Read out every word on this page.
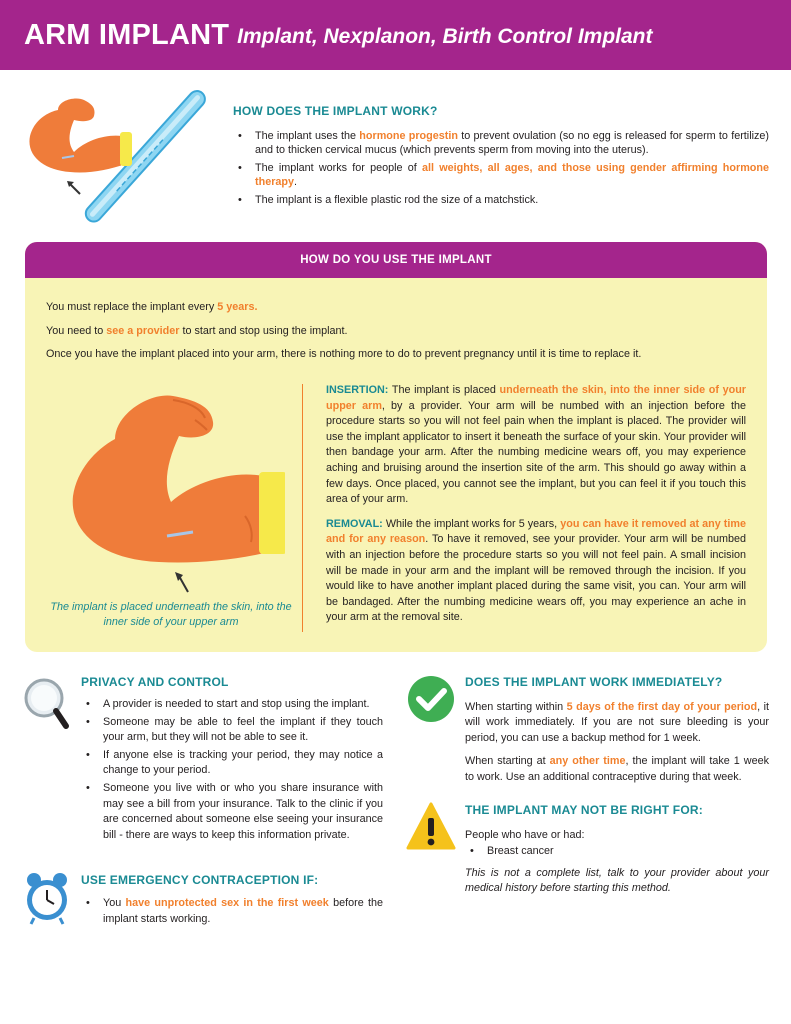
ARM IMPLANT Implant, Nexplanon, Birth Control Implant
HOW DOES THE IMPLANT WORK?
• The implant uses the hormone progestin to prevent ovulation (so no egg is released for sperm to fertilize) and to thicken cervical mucus (which prevents sperm from moving into the uterus).
• The implant works for people of all weights, all ages, and those using gender affirming hormone therapy.
• The implant is a flexible plastic rod the size of a matchstick.
HOW DO YOU USE THE IMPLANT

You must replace the implant every 5 years.

You need to see a provider to start and stop using the implant.

Once you have the implant placed into your arm, there is nothing more to do to prevent pregnancy until it is time to replace it.

The implant is placed underneath the skin, into the inner side of your upper arm

INSERTION: The implant is placed underneath the skin, into the inner side of your upper arm, by a provider. Your arm will be numbed with an injection before the procedure starts so you will not feel pain when the implant is placed. The provider will use the implant applicator to insert it beneath the surface of your skin. Your provider will then bandage your arm. After the numbing medicine wears off, you may experience aching and bruising around the insertion site of the arm. This should go away within a few days. Once placed, you cannot see the implant, but you can feel it if you touch this area of your arm.

REMOVAL: While the implant works for 5 years, you can have it removed at any time and for any reason. To have it removed, see your provider. Your arm will be numbed with an injection before the procedure starts so you will not feel pain. A small incision will be made in your arm and the implant will be removed through the incision. If you would like to have another implant placed during the same visit, you can. Your arm will be bandaged. After the numbing medicine wears off, you may experience an ache in your arm at the removal site.

PRIVACY AND CONTROL
• A provider is needed to start and stop using the implant.
• Someone may be able to feel the implant if they touch your arm, but they will not be able to see it.
• If anyone else is tracking your period, they may notice a change to your period.
• Someone you live with or who you share insurance with may see a bill from your insurance. Talk to the clinic if you are concerned about someone else seeing your insurance bill - there are ways to keep this information private.
USE EMERGENCY CONTRACEPTION IF:
• You have unprotected sex in the first week before the implant starts working.
DOES THE IMPLANT WORK IMMEDIATELY?

When starting within 5 days of the first day of your period, it will work immediately. If you are not sure bleeding is your period, you can use a backup method for 1 week.

When starting at any other time, the implant will take 1 week to work. Use an additional contraceptive during that week.

THE IMPLANT MAY NOT BE RIGHT FOR:

People who have or had:

• Breast cancer

This is not a complete list, talk to your provider about your medical history before starting this method.
